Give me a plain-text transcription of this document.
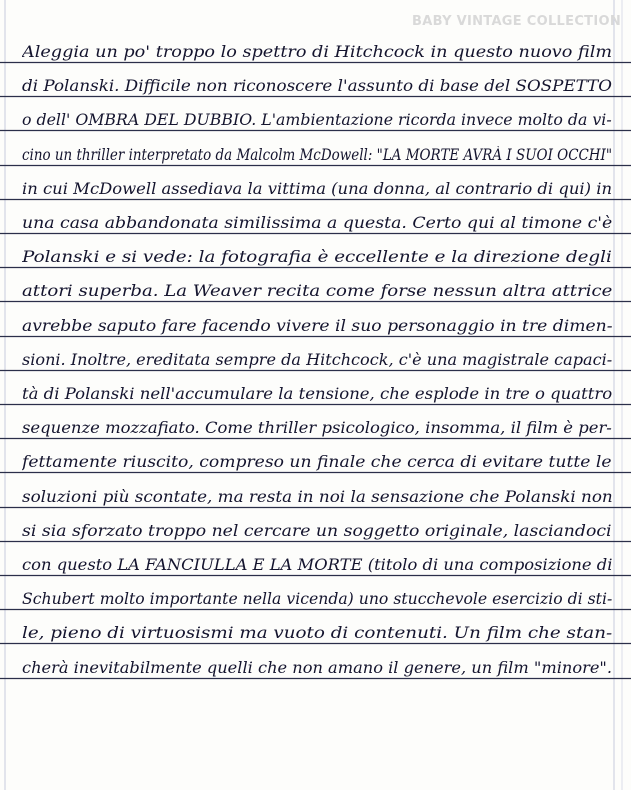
BABY VINTAGE COLLECTION
Aleggia un po' troppo lo spettro di Hitchcock in questo nuovo film
di Polanski. Difficile non riconoscere l'assunto di base del SOSPETTO
o dell' OMBRA DEL DUBBIO. L'ambientazione ricorda invece molto da vi-
cino un thriller interpretato da Malcolm McDowell: "LA MORTE AVRÀ I SUOI OCCHI"
in cui McDowell assediava la vittima (una donna, al contrario di qui) in
una casa abbandonata similissima a questa. Certo qui al timone c'è
Polanski e si vede: la fotografia è eccellente e la direzione degli
attori superba. La Weaver recita come forse nessun altra attrice
avrebbe saputo fare facendo vivere il suo personaggio in tre dimen-
sioni. Inoltre, ereditata sempre da Hitchcock, c'è una magistrale capaci-
tà di Polanski nell'accumulare la tensione, che esplode in tre o quattro
sequenze mozzafiato. Come thriller psicologico, insomma, il film è per-
fettamente riuscito, compreso un finale che cerca di evitare tutte le
soluzioni più scontate, ma resta in noi la sensazione che Polanski non
si sia sforzato troppo nel cercare un soggetto originale, lasciandoci
con questo LA FANCIULLA E LA MORTE (titolo di una composizione di
Schubert molto importante nella vicenda) uno stucchevole esercizio di sti-
le, pieno di virtuosismi ma vuoto di contenuti. Un film che stan-
cherà inevitabilmente quelli che non amano il genere, un film "minore".
